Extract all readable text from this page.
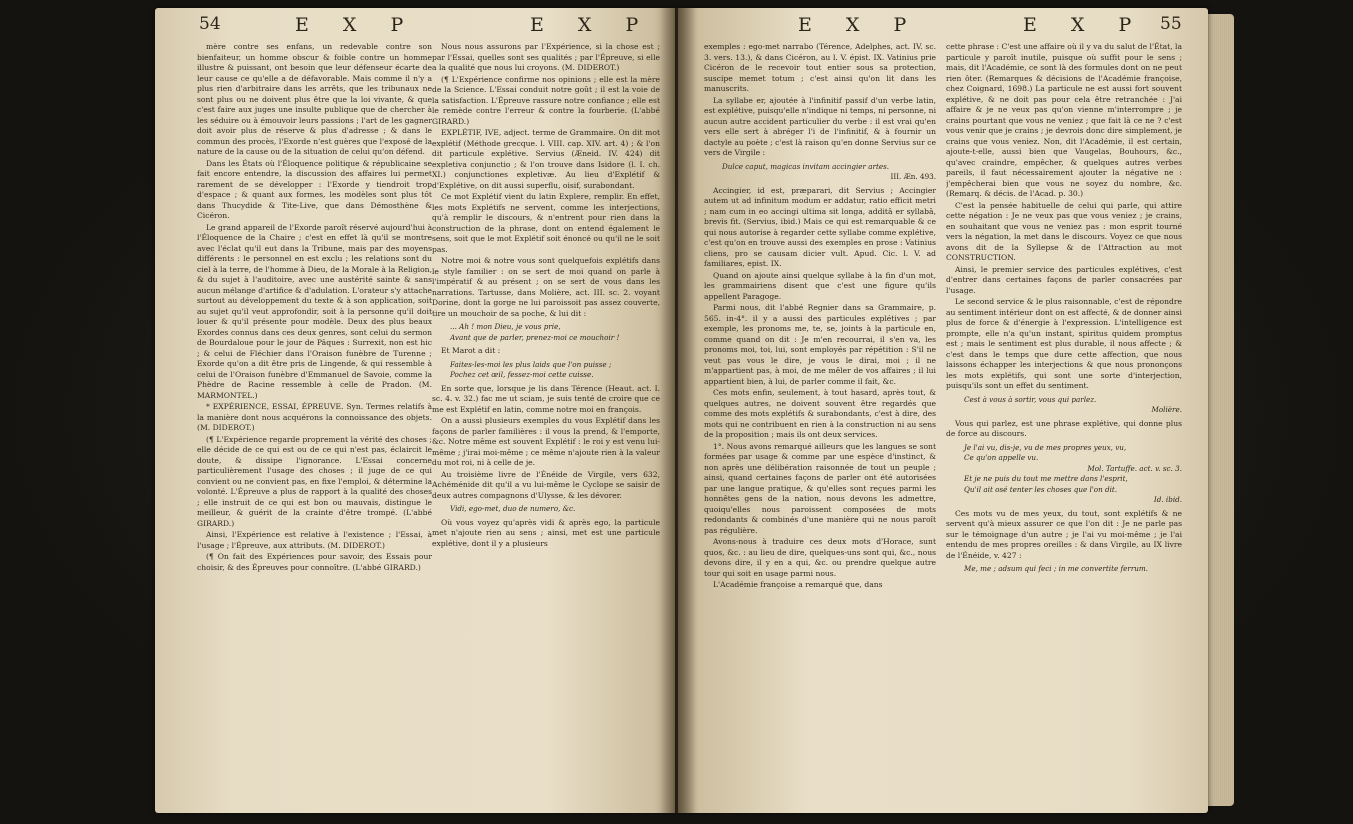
54	E X P	E X P

mère contre ses enfans, un redevable contre son bienfaiteur, un homme obscur & foible contre un homme illustre & puissant, ont besoin que leur défenseur écarte de leur cause ce qu'elle a de défavorable. Mais comme il n'y a plus rien d'arbitraire dans les arrêts, que les tribunaux ne sont plus ou ne doivent plus être que la loi vivante, & que c'est faire aux juges une insulte publique que de chercher à les séduire ou à émouvoir leurs passions ; l'art de les gagner doit avoir plus de réserve & plus d'adresse ; & dans le commun des procès, l'Exorde n'est guères que l'exposé de la nature de la cause ou de la situation de celui qu'on défend.

Dans les États où l'Éloquence politique & républicaine se fait encore entendre, la discussion des affaires lui permet rarement de se développer : l'Exorde y tiendroit trop d'espace ; & quant aux formes, les modèles sont plus tôt dans Thucydide & Tite-Live, que dans Démosthène & Cicéron.

Le grand appareil de l'Exorde paroît réservé aujourd'hui à l'Éloquence de la Chaire ; c'est en effet là qu'il se montre avec l'éclat qu'il eut dans la Tribune, mais par des moyens différents : le personnel en est exclu ; les relations sont du ciel à la terre, de l'homme à Dieu, de la Morale à la Religion, & du sujet à l'auditoire, avec une austérité sainte & sans aucun mélange d'artifice & d'adulation. L'orateur s'y attache surtout au développement du texte & à son application, soit au sujet qu'il veut approfondir, soit à la personne qu'il doit louer & qu'il présente pour modèle. Deux des plus beaux Exordes connus dans ces deux genres, sont celui du sermon de Bourdaloue pour le jour de Pâques : Surrexit, non est hic ; & celui de Fléchier dans l'Oraison funèbre de Turenne ; Exorde qu'on a dit être pris de Lingende, & qui ressemble à celui de l'Oraison funèbre d'Emmanuel de Savoie, comme la Phèdre de Racine ressemble à celle de Pradon. (M. MARMONTEL.)

* EXPÉRIENCE, ESSAI, ÉPREUVE. Syn. Termes relatifs à la manière dont nous acquérons la connoissance des objets. (M. DIDEROT.)

(¶ L'Expérience regarde proprement la vérité des choses ; elle décide de ce qui est ou de ce qui n'est pas, éclaircit le doute, & dissipe l'ignorance. L'Essai concerne particulièrement l'usage des choses ; il juge de ce qui convient ou ne convient pas, en fixe l'emploi, & détermine la volonté. L'Épreuve a plus de rapport à la qualité des choses ; elle instruit de ce qui est bon ou mauvais, distingue le meilleur, & guérit de la crainte d'être trompé. (L'abbé GIRARD.)

Ainsi, l'Expérience est relative à l'existence ; l'Essai, à l'usage ; l'Épreuve, aux attributs. (M. DIDEROT.)

(¶ On fait des Expériences pour savoir, des Essais pour choisir, & des Épreuves pour connoître. (L'abbé GIRARD.)

Nous nous assurons par l'Expérience, si la chose est ; par l'Essai, quelles sont ses qualités ; par l'Épreuve, si elle a la qualité que nous lui croyons. (M. DIDEROT.)

(¶ L'Expérience confirme nos opinions ; elle est la mère de la Science. L'Essai conduit notre goût ; il est la voie de la satisfaction. L'Épreuve rassure notre confiance ; elle est le remède contre l'erreur & contre la fourberie. (L'abbé GIRARD.)

EXPLÉTIF, IVE, adject. terme de Grammaire. On dit mot explétif (Méthode grecque. l. VIII. cap. XIV. art. 4) ; & l'on dit particule explétive. Servius (Æneid. IV. 424) dit expletiva conjunctio ; & l'on trouve dans Isidore (l. I. ch. XI.) conjunctiones expletivæ. Au lieu d'Explétif & d'Explétive, on dit aussi superflu, oisif, surabondant.

Ce mot Explétif vient du latin Explere, remplir. En effet, les mots Explétifs ne servent, comme les interjections, qu'à remplir le discours, & n'entrent pour rien dans la construction de la phrase, dont on entend également le sens, soit que le mot Explétif soit énoncé ou qu'il ne le soit pas.

Notre moi & notre vous sont quelquefois explétifs dans le style familier : on se sert de moi quand on parle à l'impératif & au présent ; on se sert de vous dans les narrations. Tartusse, dans Molière, act. III. sc. 2. voyant Dorine, dont la gorge ne lui paroissoit pas assez couverte, tire un mouchoir de sa poche, & lui dit :

... Ah ! mon Dieu, je vous prie,
Avant que de parler, prenez-moi ce mouchoir !

Et Marot a dit :

Faites-les-moi les plus laids que l'on puisse ;
Pochez cet œil, fessez-moi cette cuisse.

En sorte que, lorsque je lis dans Térence (Heaut. act. I. sc. 4. v. 32.) fac me ut sciam, je suis tenté de croire que ce me est Explétif en latin, comme notre moi en françois.

On a aussi plusieurs exemples du vous Explétif dans les façons de parler familières : il vous la prend, & l'emporte, &c. Notre même est souvent Explétif : le roi y est venu lui-même ; j'irai moi-même ; ce même n'ajoute rien à la valeur du mot roi, ni à celle de je.

Au troisième livre de l'Énéide de Virgile, vers 632, Achéménide dit qu'il a vu lui-même le Cyclope se saisir de deux autres compagnons d'Ulysse, & les dévorer.

Vidi, ego-met, duo de numero, &c.

Où vous voyez qu'après vidi & après ego, la particule met n'ajoute rien au sens ; ainsi, met est une particule explétive, dont il y a plusieurs

E X P	E X P 55

exemples : ego-met narrabo (Térence, Adelphes, act. IV. sc. 3. vers. 13.), & dans Cicéron, au l. V. épist. IX. Vatinius prie Cicéron de le recevoir tout entier sous sa protection, suscipe memet totum ; c'est ainsi qu'on lit dans les manuscrits.

La syllabe er, ajoutée à l'infinitif passif d'un verbe latin, est explétive, puisqu'elle n'indique ni temps, ni personne, ni aucun autre accident particulier du verbe : il est vrai qu'en vers elle sert à abréger l'i de l'infinitif, & à fournir un dactyle au poète ; c'est là raison qu'en donne Servius sur ce vers de Virgile :

Dulce caput, magicas invitam accingier artes.
III. Æn. 493.

Accingier, id est, præparari, dit Servius ; Accingier autem ut ad infinitum modum er addatur, ratio efficit metri ; nam cum in eo accingi ultima sit longa, additâ er syllabâ, brevis fit. (Servius, ibid.) Mais ce qui est remarquable & ce qui nous autorise à regarder cette syllabe comme explétive, c'est qu'on en trouve aussi des exemples en prose : Vatinius cliens, pro se causam dicier vult. Apud. Cic. l. V. ad familiares, epist. IX.

Quand on ajoute ainsi quelque syllabe à la fin d'un mot, les grammairiens disent que c'est une figure qu'ils appellent Paragoge.

Parmi nous, dit l'abbé Regnier dans sa Grammaire, p. 565. in-4°. il y a aussi des particules explétives ; par exemple, les pronoms me, te, se, joints à la particule en, comme quand on dit : Je m'en recourrai, il s'en va, les pronoms moi, toi, lui, sont employés par répétition : S'il ne veut pas vous le dire, je vous le dirai, moi ; il ne m'appartient pas, à moi, de me mêler de vos affaires ; il lui appartient bien, à lui, de parler comme il fait, &c.

Ces mots enfin, seulement, à tout hasard, après tout, & quelques autres, ne doivent souvent être regardés que comme des mots explétifs & surabondants, c'est à dire, des mots qui ne contribuent en rien à la construction ni au sens de la proposition ; mais ils ont deux services.

1°. Nous avons remarqué ailleurs que les langues se sont formées par usage & comme par une espèce d'instinct, & non après une délibération raisonnée de tout un peuple ; ainsi, quand certaines façons de parler ont été autorisées par une langue pratique, & qu'elles sont reçues parmi les honnêtes gens de la nation, nous devons les admettre, quoiqu'elles nous paroissent composées de mots redondants & combinés d'une manière qui ne nous paroît pas régulière.

Avons-nous à traduire ces deux mots d'Horace, sunt quos, &c. : au lieu de dire, quelques-uns sont qui, &c., nous devons dire, il y en a qui, &c. ou prendre quelque autre tour qui soit en usage parmi nous.

L'Académie françoise a remarqué que, dans

cette phrase : C'est une affaire où il y va du salut de l'État, la particule y paroît inutile, puisque où suffit pour le sens ; mais, dit l'Académie, ce sont là des formules dont on ne peut rien ôter. (Remarques & décisions de l'Académie françoise, chez Coignard, 1698.) La particule ne est aussi fort souvent explétive, & ne doit pas pour cela être retranchée : J'ai affaire & je ne veux pas qu'on vienne m'interrompre ; je crains pourtant que vous ne veniez ; que fait là ce ne ? c'est vous venir que je crains ; je devrois donc dire simplement, je crains que vous veniez. Non, dit l'Académie, il est certain, ajoute-t-elle, aussi bien que Vaugelas, Bouhours, &c., qu'avec craindre, empêcher, & quelques autres verbes pareils, il faut nécessairement ajouter la négative ne : j'empêcherai bien que vous ne soyez du nombre, &c. (Remarq. & décis. de l'Acad. p. 30.)

C'est la pensée habituelle de celui qui parle, qui attire cette négation : Je ne veux pas que vous veniez ; je crains, en souhaitant que vous ne veniez pas : mon esprit tourné vers la négation, la met dans le discours. Voyez ce que nous avons dit de la Syllepse & de l'Attraction au mot CONSTRUCTION.

Ainsi, le premier service des particules explétives, c'est d'entrer dans certaines façons de parler consacrées par l'usage.

Le second service & le plus raisonnable, c'est de répondre au sentiment intérieur dont on est affecté, & de donner ainsi plus de force & d'énergie à l'expression. L'intelligence est prompte, elle n'a qu'un instant, spiritus quidem promptus est ; mais le sentiment est plus durable, il nous affecte ; & c'est dans le temps que dure cette affection, que nous laissons échapper les interjections & que nous prononçons les mots explétifs, qui sont une sorte d'interjection, puisqu'ils sont un effet du sentiment.

Cest à vous à sortir, vous qui parlez.
Molière.

Vous qui parlez, est une phrase explétive, qui donne plus de force au discours.

Je l'ai vu, dis-je, vu de mes propres yeux, vu,
Ce qu'on appelle vu.
Mol. Tartuffe. act. v. sc. 3.
Et je ne puis du tout me mettre dans l'esprit,
Qu'il ait osé tenter les choses que l'on dit.
Id. ibid.

Ces mots vu de mes yeux, du tout, sont explétifs & ne servent qu'à mieux assurer ce que l'on dit : Je ne parle pas sur le témoignage d'un autre ; je l'ai vu moi-même ; je l'ai entendu de mes propres oreilles : & dans Virgile, au IX livre de l'Énéide, v. 427 :

Me, me ; adsum qui feci ; in me convertite ferrum.
